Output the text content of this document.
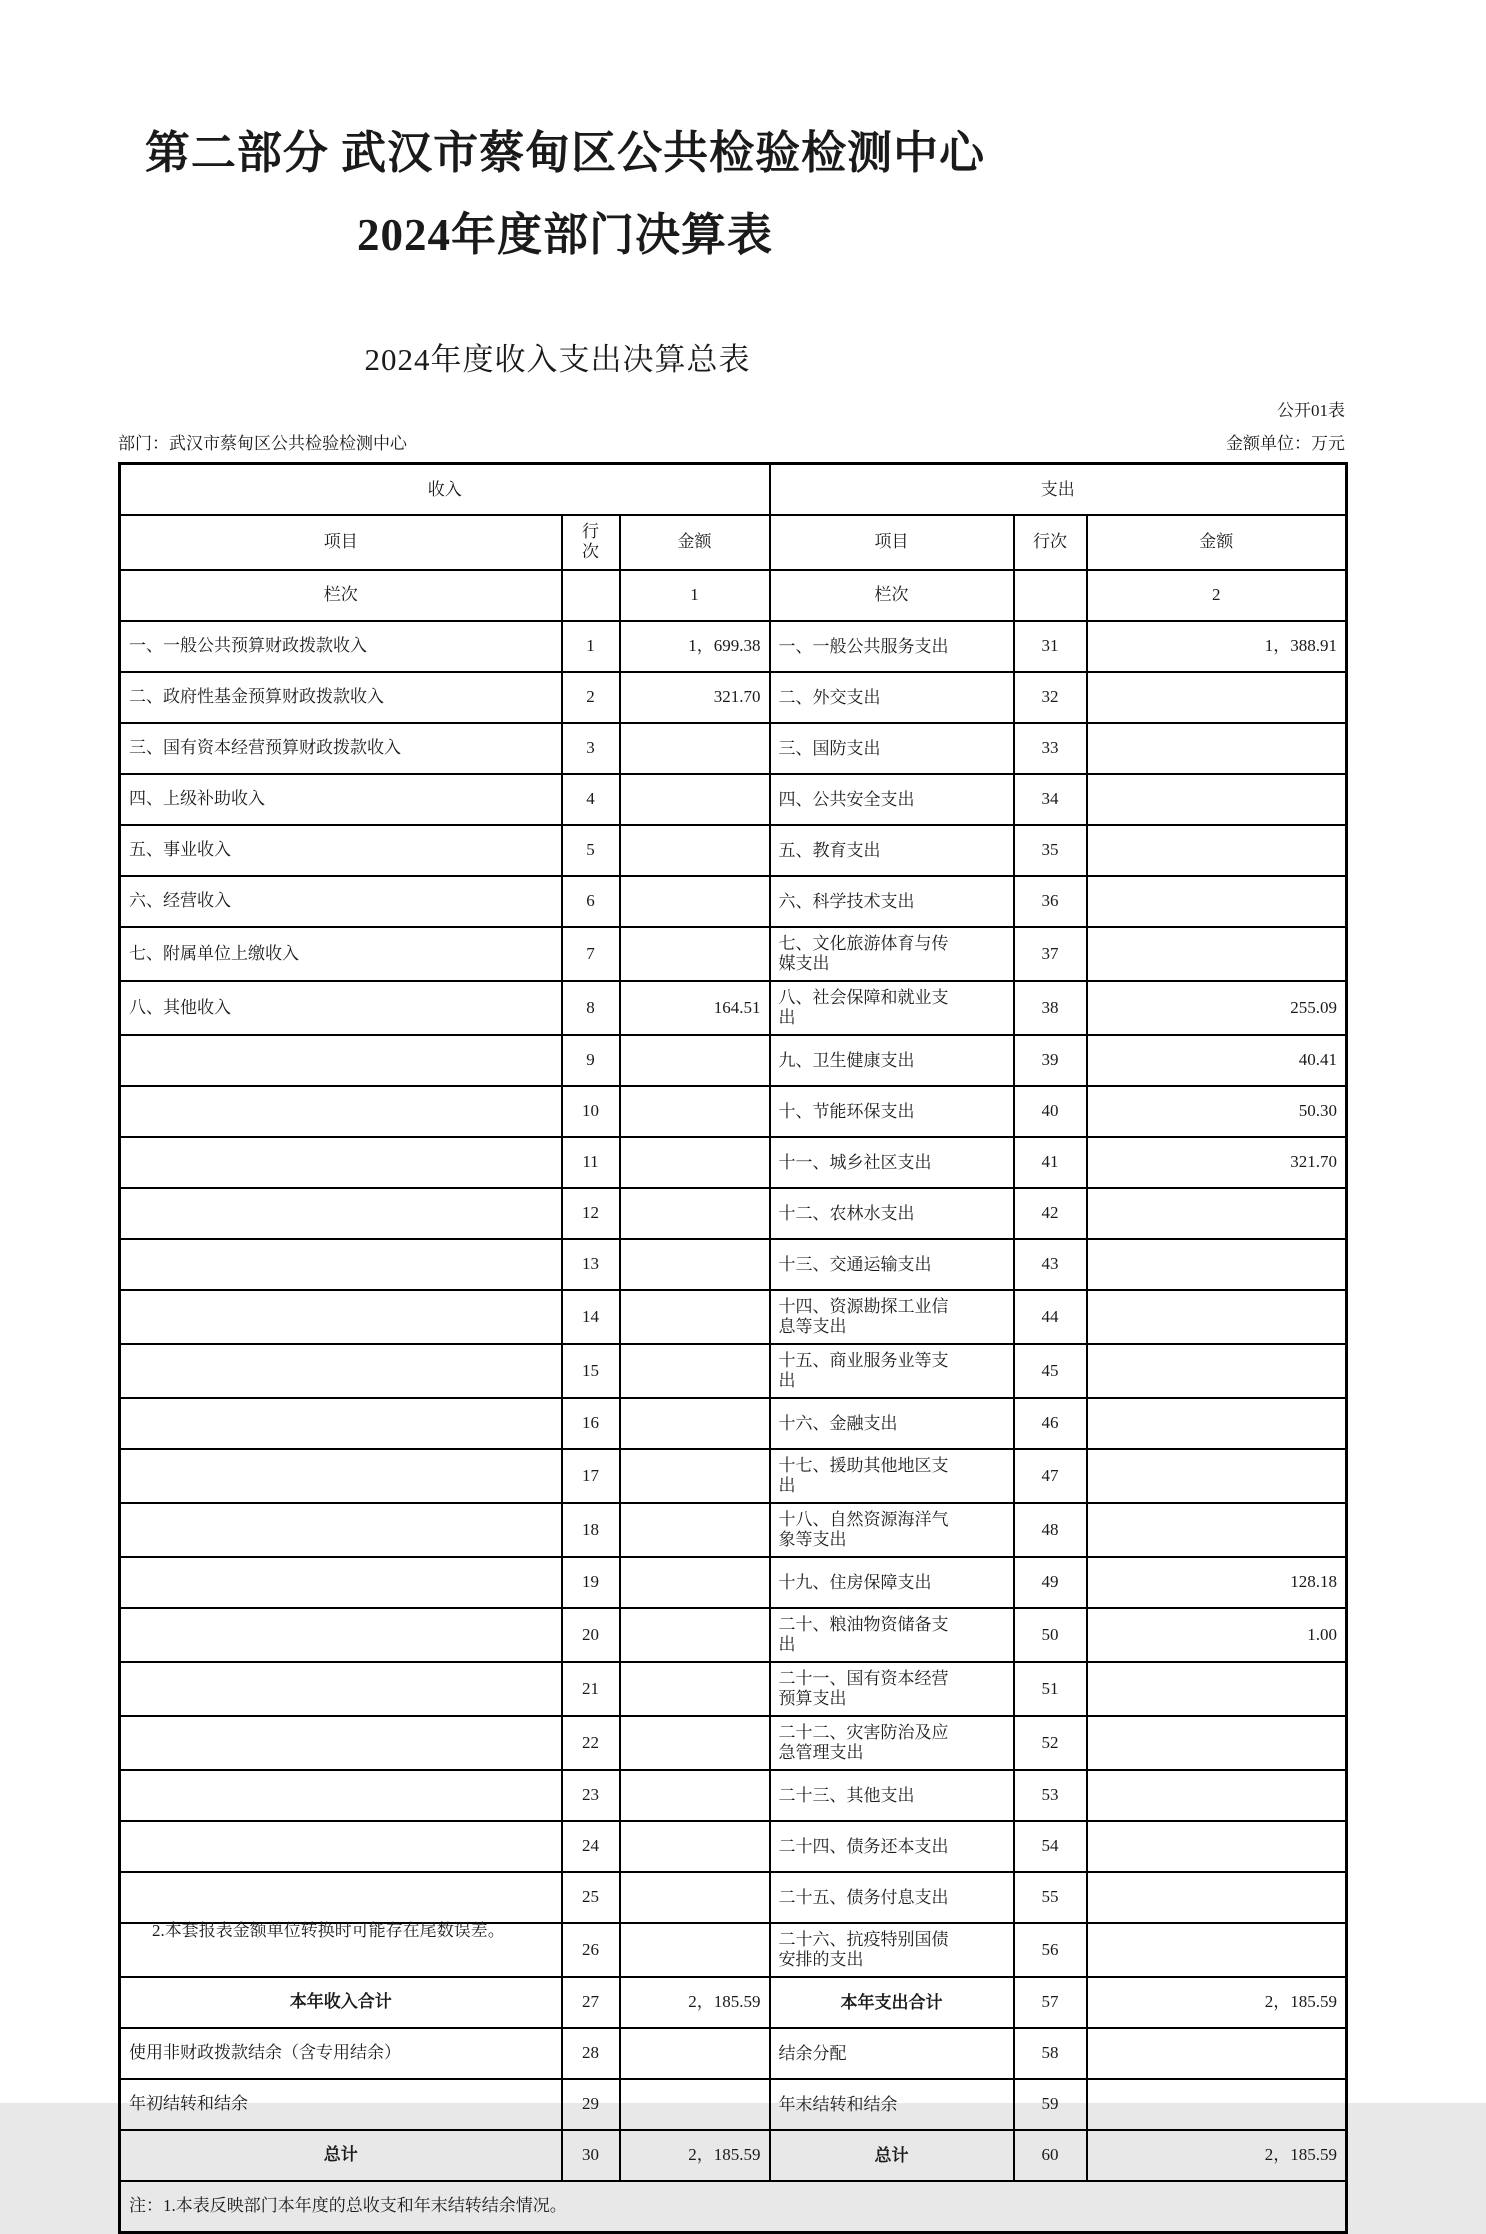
第二部分 武汉市蔡甸区公共检验检测中心
2024年度部门决算表
2024年度收入支出决算总表
公开01表
部门：武汉市蔡甸区公共检验检测中心	金额单位：万元
收入			支出		
项目	行次	金额	项目	行次	金额
栏次		1	栏次		2
一、一般公共预算财政拨款收入	1	1，699.38	一、一般公共服务支出	31	1，388.91
二、政府性基金预算财政拨款收入	2	321.70	二、外交支出	32	
三、国有资本经营预算财政拨款收入	3		三、国防支出	33	
四、上级补助收入	4		四、公共安全支出	34	
五、事业收入	5		五、教育支出	35	
六、经营收入	6		六、科学技术支出	36	
七、附属单位上缴收入	7		七、文化旅游体育与传媒支出	37	
八、其他收入	8	164.51	八、社会保障和就业支出	38	255.09
	9		九、卫生健康支出	39	40.41
	10		十、节能环保支出	40	50.30
	11		十一、城乡社区支出	41	321.70
	12		十二、农林水支出	42	
	13		十三、交通运输支出	43	
	14		十四、资源勘探工业信息等支出	44	
	15		十五、商业服务业等支出	45	
	16		十六、金融支出	46	
	17		十七、援助其他地区支出	47	
	18		十八、自然资源海洋气象等支出	48	
	19		十九、住房保障支出	49	128.18
	20		二十、粮油物资储备支出	50	1.00
	21		二十一、国有资本经营预算支出	51	
	22		二十二、灾害防治及应急管理支出	52	
	23		二十三、其他支出	53	
	24		二十四、债务还本支出	54	
	25		二十五、债务付息支出	55	
	26		二十六、抗疫特别国债安排的支出	56	
本年收入合计	27	2，185.59	本年支出合计	57	2，185.59
使用非财政拨款结余（含专用结余）	28		结余分配	58	
年初结转和结余	29		年末结转和结余	59	
总计	30	2，185.59	总计	60	2，185.59
注：1.本表反映部门本年度的总收支和年末结转结余情况。					
2.本套报表金额单位转换时可能存在尾数误差。
